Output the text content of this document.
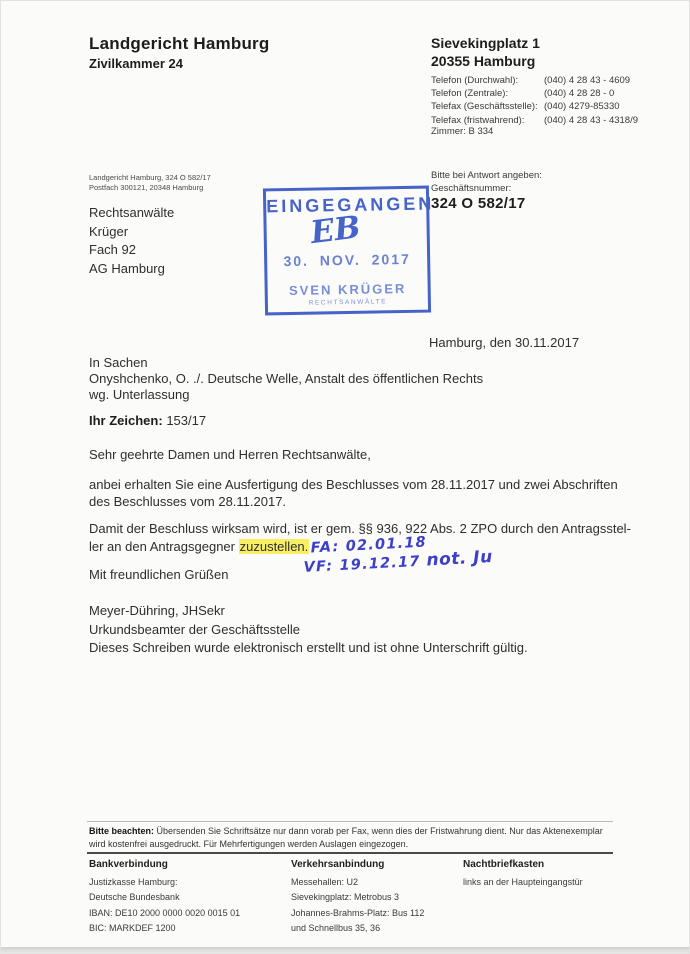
Landgericht Hamburg
Zivilkammer 24
Sievekingplatz 1
20355 Hamburg
Telefon (Durchwahl):	(040) 4 28 43 - 4609
Telefon (Zentrale):	(040) 4 28 28 - 0
Telefax (Geschäftsstelle): (040) 4279-85330
Telefax (fristwahrend):	(040) 4 28 43 - 4318/9
Zimmer: B 334
Landgericht Hamburg, 324 O 582/17
Postfach 300121, 20348 Hamburg
Rechtsanwälte
Krüger
Fach 92
AG Hamburg
EINGEGANGEN
EB
30. NOV. 2017
SVEN KRÜGER
RECHTSANWÄLTE
Bitte bei Antwort angeben:
Geschäftsnummer:
324 O 582/17
Hamburg, den 30.11.2017
In Sachen
Onyshchenko, O. ./. Deutsche Welle, Anstalt des öffentlichen Rechts
wg. Unterlassung
Ihr Zeichen: 153/17
Sehr geehrte Damen und Herren Rechtsanwälte,
anbei erhalten Sie eine Ausfertigung des Beschlusses vom 28.11.2017 und zwei Abschriften
des Beschlusses vom 28.11.2017.
Damit der Beschluss wirksam wird, ist er gem. §§ 936, 922 Abs. 2 ZPO durch den Antragsstel-
ler an den Antragsgegner zuzustellen. FA: 02.01.18
VF: 19.12.17 not. Ju
Mit freundlichen Grüßen
Meyer-Dühring, JHSekr
Urkundsbeamter der Geschäftsstelle
Dieses Schreiben wurde elektronisch erstellt und ist ohne Unterschrift gültig.
Bitte beachten: Übersenden Sie Schriftsätze nur dann vorab per Fax, wenn dies der Fristwahrung dient. Nur das Aktenexemplar wird kostenfrei ausgedruckt. Für Mehrfertigungen werden Auslagen eingezogen.
Bankverbindung
Justizkasse Hamburg:
Deutsche Bundesbank
IBAN: DE10 2000 0000 0020 0015 01
BIC: MARKDEF 1200
Verkehrsanbindung
Messehallen: U2
Sievekingplatz: Metrobus 3
Johannes-Brahms-Platz: Bus 112
und Schnellbus 35, 36
Nachtbriefkasten
links an der Haupteingangstür
